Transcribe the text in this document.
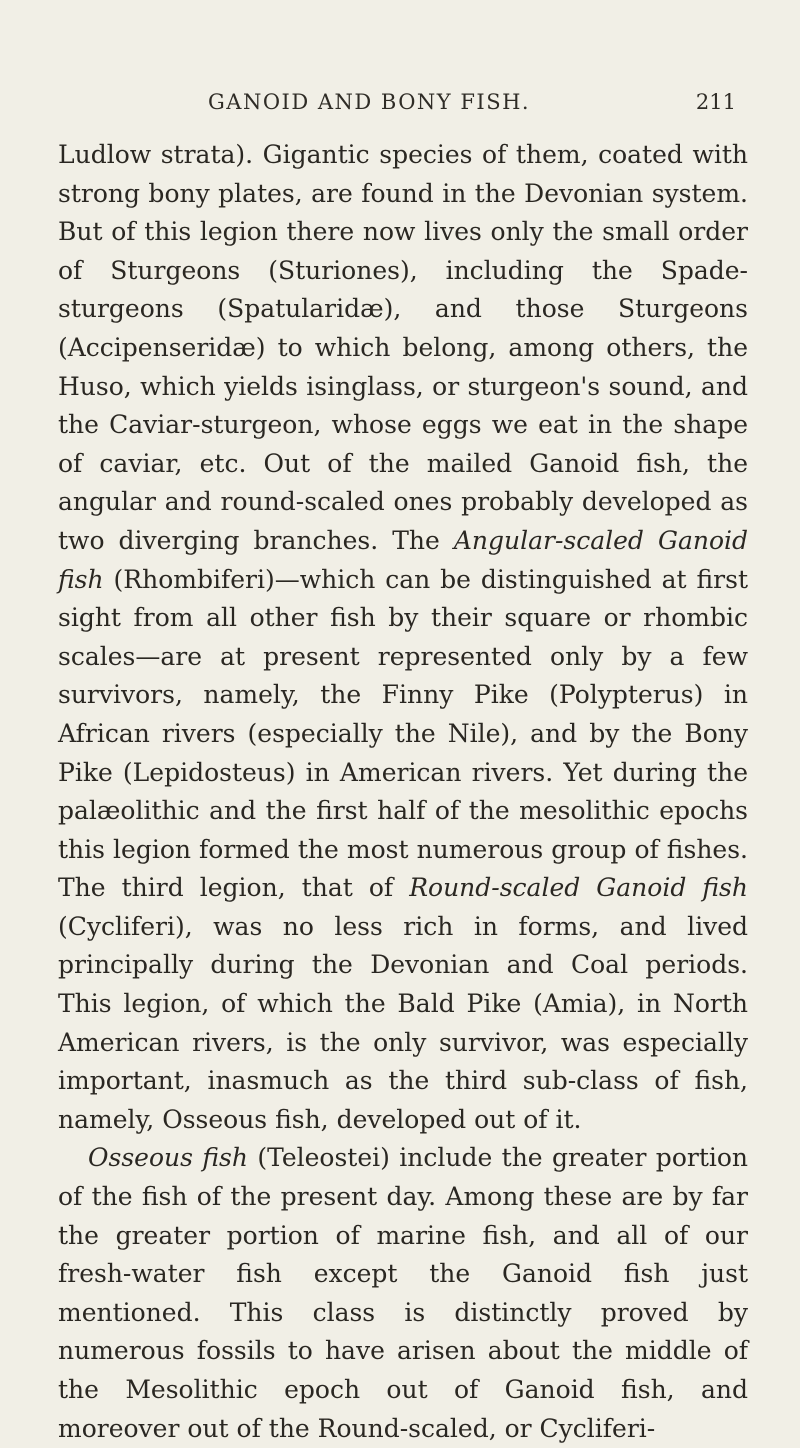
GANOID AND BONY FISH.	211

Ludlow strata). Gigantic species of them, coated with strong bony plates, are found in the Devonian system. But of this legion there now lives only the small order of Sturgeons (Sturiones), including the Spade-sturgeons (Spatularidæ), and those Sturgeons (Accipenseridæ) to which belong, among others, the Huso, which yields isinglass, or sturgeon's sound, and the Caviar-sturgeon, whose eggs we eat in the shape of caviar, etc. Out of the mailed Ganoid fish, the angular and round-scaled ones probably developed as two diverging branches. The Angular-scaled Ganoid fish (Rhombiferi)—which can be distinguished at first sight from all other fish by their square or rhombic scales—are at present represented only by a few survivors, namely, the Finny Pike (Polypterus) in African rivers (especially the Nile), and by the Bony Pike (Lepidosteus) in American rivers. Yet during the palæolithic and the first half of the mesolithic epochs this legion formed the most numerous group of fishes. The third legion, that of Round-scaled Ganoid fish (Cycliferi), was no less rich in forms, and lived principally during the Devonian and Coal periods. This legion, of which the Bald Pike (Amia), in North American rivers, is the only survivor, was especially important, inasmuch as the third sub-class of fish, namely, Osseous fish, developed out of it.

Osseous fish (Teleostei) include the greater portion of the fish of the present day. Among these are by far the greater portion of marine fish, and all of our fresh-water fish except the Ganoid fish just mentioned. This class is distinctly proved by numerous fossils to have arisen about the middle of the Mesolithic epoch out of Ganoid fish, and moreover out of the Round-scaled, or Cycliferi-
